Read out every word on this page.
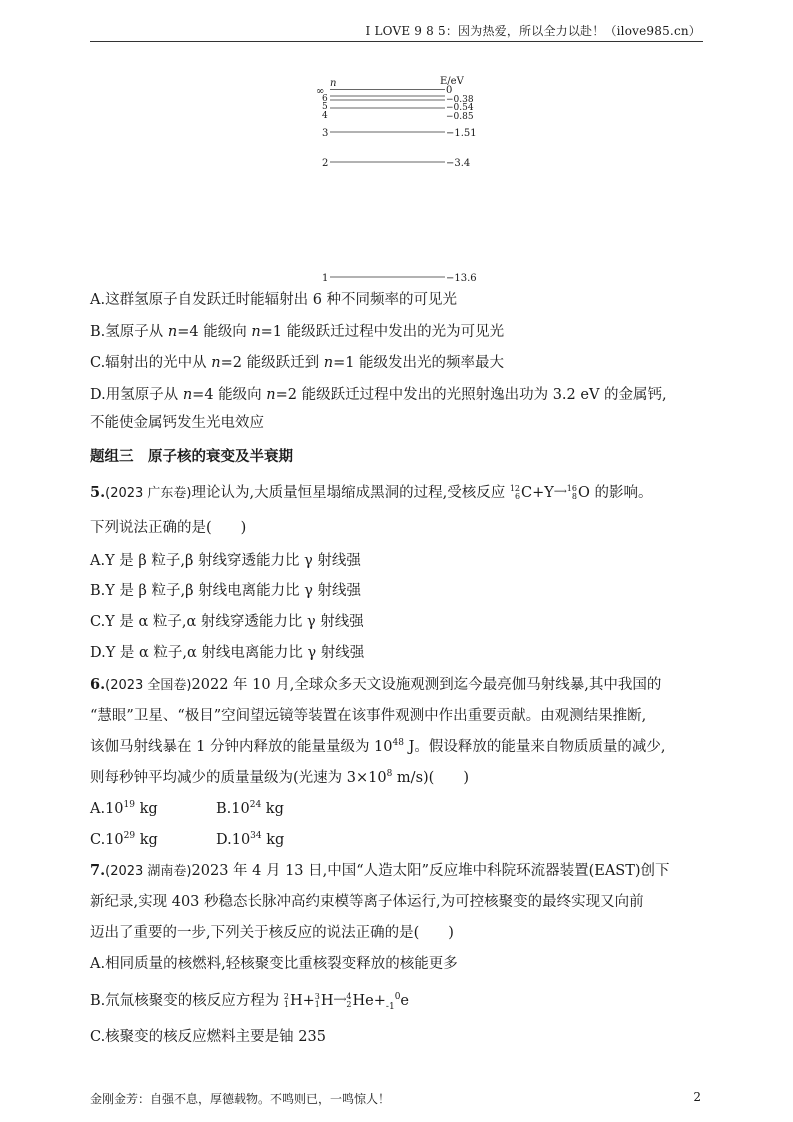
I LOVE 9 8 5：因为热爱，所以全力以赴！（ilove985.cn）
n	E/eV
∞
6
5
4
3
2
1
0
−0.38
−0.54
−0.85
−1.51
−3.4
−13.6
A.这群氢原子自发跃迁时能辐射出 6 种不同频率的可见光
B.氢原子从 n=4 能级向 n=1 能级跃迁过程中发出的光为可见光
C.辐射出的光中从 n=2 能级跃迁到 n=1 能级发出光的频率最大
D.用氢原子从 n=4 能级向 n=2 能级跃迁过程中发出的光照射逸出功为 3.2 eV 的金属钙,
不能使金属钙发生光电效应
题组三　原子核的衰变及半衰期
5.(2023 广东卷)理论认为,大质量恒星塌缩成黑洞的过程,受核反应 12
6 C+Y⟶ 16
8 O 的影响。
下列说法正确的是(　　)
A.Y 是 β 粒子,β 射线穿透能力比 γ 射线强
B.Y 是 β 粒子,β 射线电离能力比 γ 射线强
C.Y 是 α 粒子,α 射线穿透能力比 γ 射线强
D.Y 是 α 粒子,α 射线电离能力比 γ 射线强
6.(2023 全国卷)2022 年 10 月,全球众多天文设施观测到迄今最亮伽马射线暴,其中我国的
“慧眼”卫星、“极目”空间望远镜等装置在该事件观测中作出重要贡献。由观测结果推断,
该伽马射线暴在 1 分钟内释放的能量量级为 $10^{48}$ J。假设释放的能量来自物质质量的减少,
则每秒钟平均减少的质量量级为(光速为 $3\times 10^8$ m/s)(　　)
$A.10^{19}$ kg	$B.10^{24}$ kg
$C.10^{29}$ kg	$D.10^{34}$ kg
7.(2023 湖南卷)2023 年 4 月 13 日,中国“人造太阳”反应堆中科院环流器装置(EAST)创下
新纪录,实现 403 秒稳态长脉冲高约束模等离子体运行,为可控核聚变的最终实现又向前
迈出了重要的一步,下列关于核反应的说法正确的是(　　)
A.相同质量的核燃料,轻核聚变比重核裂变释放的核能更多
B.氘氚核聚变的核反应方程为 2
1 H+ 3
1 H⟶ 4
2 $He+_{-1}^0e$
C.核聚变的核反应燃料主要是铀 235
金刚金芳：自强不息，厚德载物。不鸣则已，一鸣惊人！	2
